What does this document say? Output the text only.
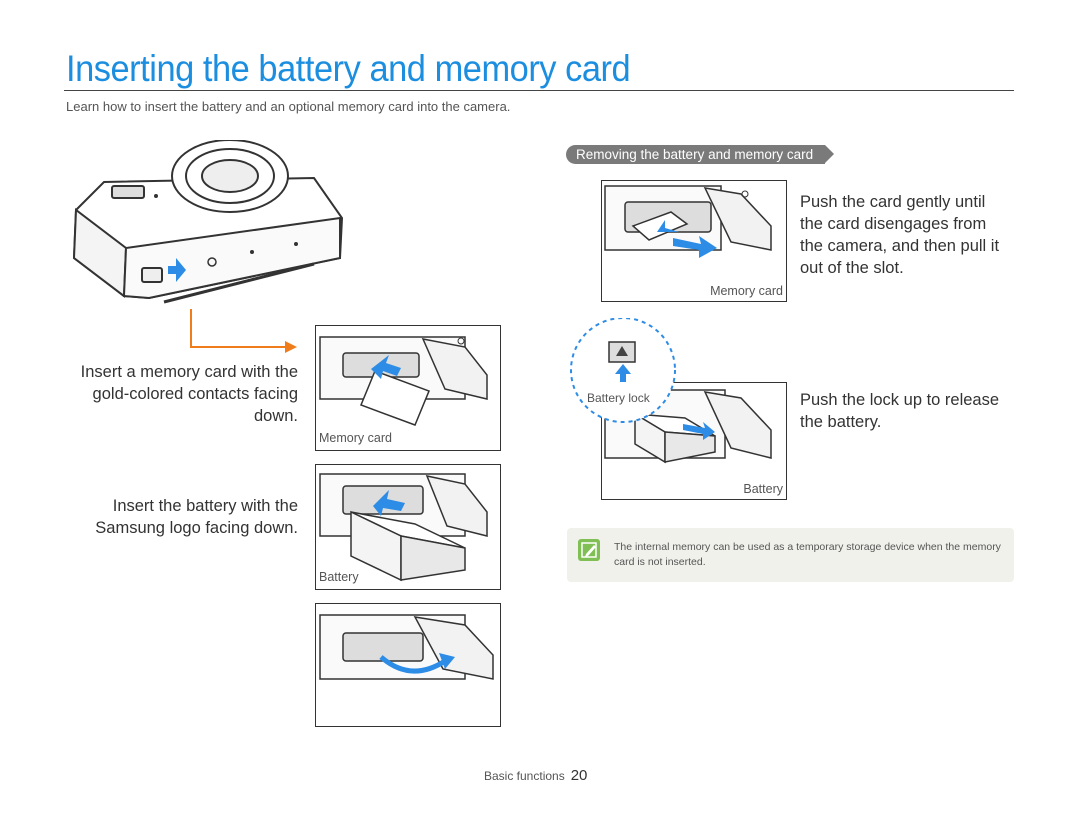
Inserting the battery and memory card
Learn how to insert the battery and an optional memory card into the camera.
Insert a memory card with the
gold-colored contacts facing
down.
Memory card
Insert the battery with the
Samsung logo facing down.
Battery
Removing the battery and memory card
Memory card
Push the card gently until
the card disengages from
the camera, and then pull it
out of the slot.
Battery lock
Battery
Push the lock up to release
the battery.
The internal memory can be used as a temporary storage device when the memory card is not inserted.
Basic functions 20
